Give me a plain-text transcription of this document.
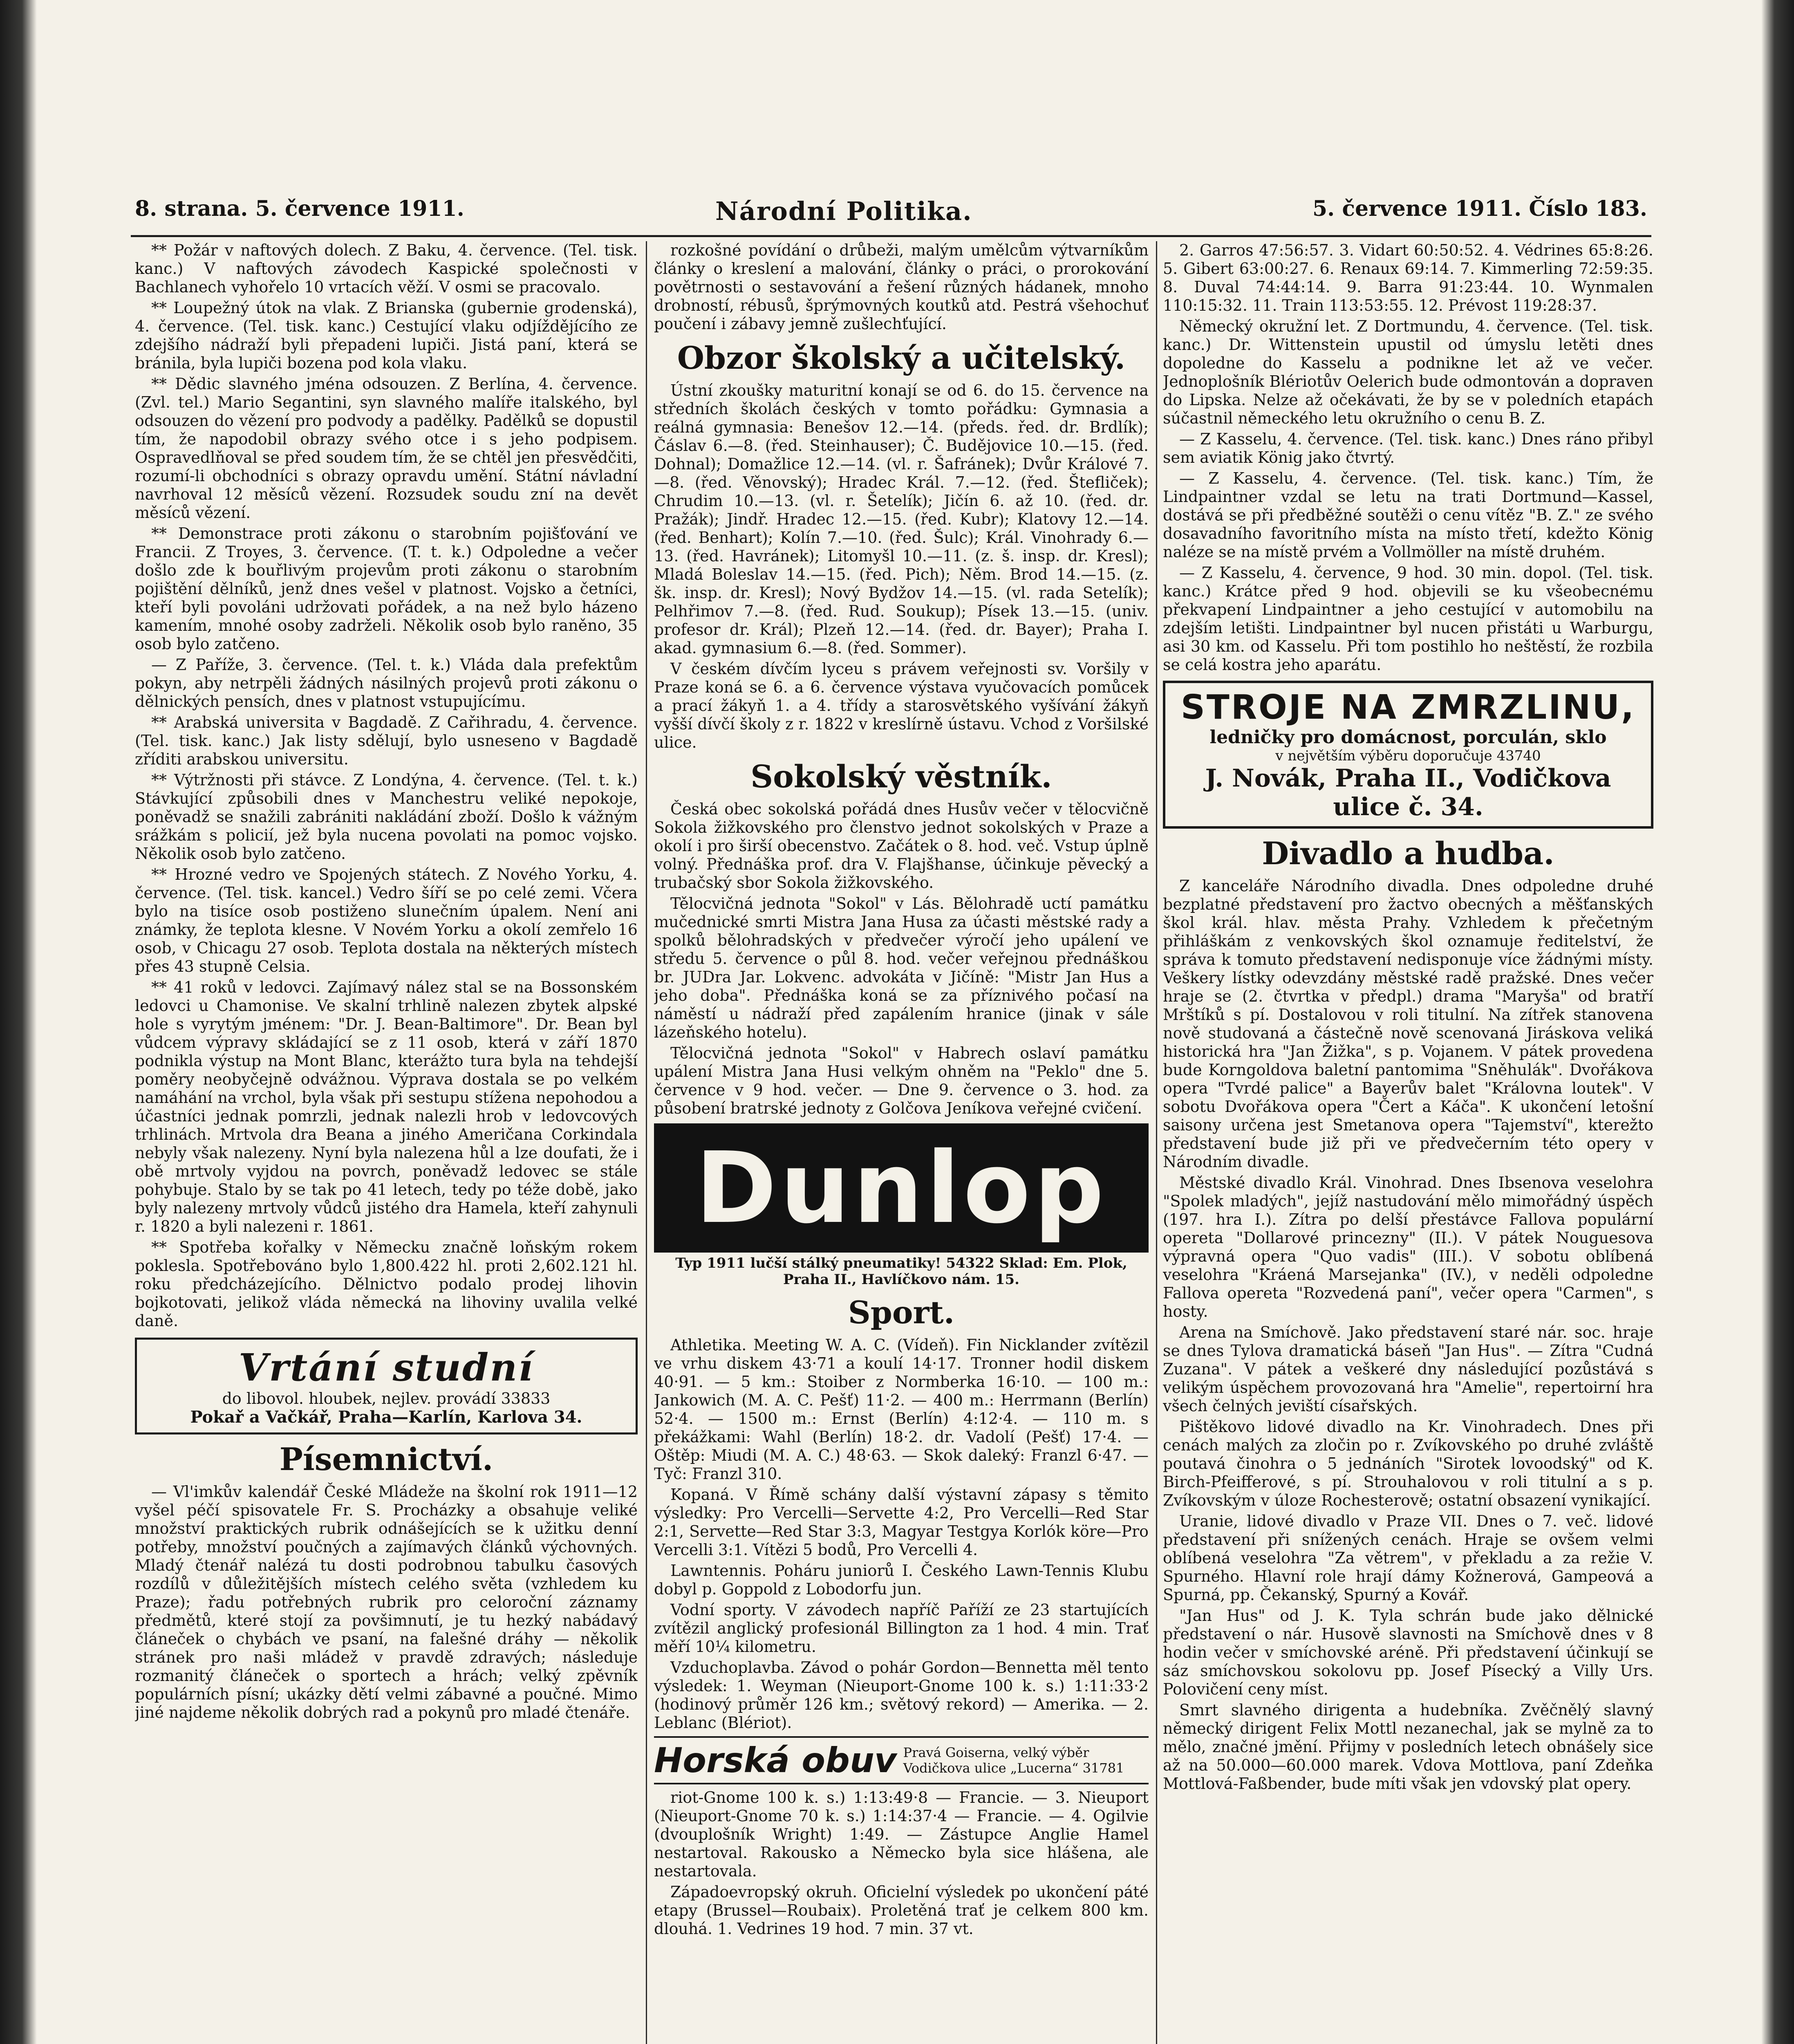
8. strana. 5. července 1911.	Národní Politika.	5. července 1911. Číslo 183.

** Požár v naftových dolech. Z Baku, 4. července. (Tel. tisk. kanc.) V naftových závodech Kaspické společnosti v Bachlanech vyhořelo 10 vrtacích věží. V osmi se pracovalo.

** Loupežný útok na vlak. Z Brianska (gubernie grodenská), 4. července. (Tel. tisk. kanc.) Cestující vlaku odjíždějícího ze zdejšího nádraží byli přepadeni lupiči. Jistá paní, která se bránila, byla lupiči bozena pod kola vlaku.

** Dědic slavného jména odsouzen. Z Berlína, 4. července. (Zvl. tel.) Mario Segantini, syn slavného malíře italského, byl odsouzen do vězení pro podvody a padělky. Padělků se dopustil tím, že napodobil obrazy svého otce i s jeho podpisem. Ospravedlňoval se před soudem tím, že se chtěl jen přesvědčiti, rozumí-li obchodníci s obrazy opravdu umění. Státní návladní navrhoval 12 měsíců vězení. Rozsudek soudu zní na devět měsíců vězení.

** Demonstrace proti zákonu o starobním pojišťování ve Francii. Z Troyes, 3. července. (T. t. k.) Odpoledne a večer došlo zde k bouřlivým projevům proti zákonu o starobním pojištění dělníků, jenž dnes vešel v platnost. Vojsko a četníci, kteří byli povoláni udržovati pořádek, a na než bylo házeno kamením, mnohé osoby zadrželi. Několik osob bylo raněno, 35 osob bylo zatčeno.

— Z Paříže, 3. července. (Tel. t. k.) Vláda dala prefektům pokyn, aby netrpěli žádných násilných projevů proti zákonu o dělnických pensích, dnes v platnost vstupujícímu.

** Arabská universita v Bagdadě. Z Cařihradu, 4. července. (Tel. tisk. kanc.) Jak listy sdělují, bylo usneseno v Bagdadě zříditi arabskou universitu.

** Výtržnosti při stávce. Z Londýna, 4. července. (Tel. t. k.) Stávkující způsobili dnes v Manchestru veliké nepokoje, poněvadž se snažili zabrániti nakládání zboží. Došlo k vážným srážkám s policií, jež byla nucena povolati na pomoc vojsko. Několik osob bylo zatčeno.

** Hrozné vedro ve Spojených státech. Z Nového Yorku, 4. července. (Tel. tisk. kancel.) Vedro šíří se po celé zemi. Včera bylo na tisíce osob postiženo slunečním úpalem. Není ani známky, že teplota klesne. V Novém Yorku a okolí zemřelo 16 osob, v Chicagu 27 osob. Teplota dostala na některých místech přes 43 stupně Celsia.

** 41 roků v ledovci. Zajímavý nález stal se na Bossonském ledovci u Chamonise. Ve skalní trhlině nalezen zbytek alpské hole s vyrytým jménem: "Dr. J. Bean-Baltimore". Dr. Bean byl vůdcem výpravy skládající se z 11 osob, která v září 1870 podnikla výstup na Mont Blanc, kterážto tura byla na tehdejší poměry neobyčejně odvážnou. Výprava dostala se po velkém namáhání na vrchol, byla však při sestupu stížena nepohodou a účastníci jednak pomrzli, jednak nalezli hrob v ledovcových trhlinách. Mrtvola dra Beana a jiného Američana Corkindala nebyly však nalezeny. Nyní byla nalezena hůl a lze doufati, že i obě mrtvoly vyjdou na povrch, poněvadž ledovec se stále pohybuje. Stalo by se tak po 41 letech, tedy po téže době, jako byly nalezeny mrtvoly vůdců jistého dra Hamela, kteří zahynuli r. 1820 a byli nalezeni r. 1861.

** Spotřeba kořalky v Německu značně loňským rokem poklesla. Spotřebováno bylo 1,800.422 hl. proti 2,602.121 hl. roku předcházejícího. Dělnictvo podalo prodej lihovin bojkotovati, jelikož vláda německá na lihoviny uvalila velké daně.

Vrtání studní
do libovol. hloubek, nejlev. provádí 33833
Pokař a Vačkář, Praha—Karlín, Karlova 34.
Písemnictví.

— Vl'imkův kalendář České Mládeže na školní rok 1911—12 vyšel péčí spisovatele Fr. S. Procházky a obsahuje veliké množství praktických rubrik odnášejících se k užitku denní potřeby, množství poučných a zajímavých článků výchovných. Mladý čtenář nalézá tu dosti podrobnou tabulku časových rozdílů v důležitějších místech celého světa (vzhledem ku Praze); řadu potřebných rubrik pro celoroční záznamy předmětů, které stojí za povšimnutí, je tu hezký nabádavý článeček o chybách ve psaní, na falešné dráhy — několik stránek pro naši mládež v pravdě zdravých; následuje rozmanitý článeček o sportech a hrách; velký zpěvník populárních písní; ukázky dětí velmi zábavné a poučné. Mimo jiné najdeme několik dobrých rad a pokynů pro mladé čtenáře.

rozkošné povídání o drůbeži, malým umělcům výtvarníkům články o kreslení a malování, články o práci, o prorokování povětrnosti o sestavování a řešení různých hádanek, mnoho drobností, rébusů, šprýmovných koutků atd. Pestrá všehochuť poučení i zábavy jemně zušlechťující.

Obzor školský a učitelský.

Ústní zkoušky maturitní konají se od 6. do 15. července na středních školách českých v tomto pořádku: Gymnasia a reálná gymnasia: Benešov 12.—14. (předs. řed. dr. Brdlík); Čáslav 6.—8. (řed. Steinhauser); Č. Budějovice 10.—15. (řed. Dohnal); Domažlice 12.—14. (vl. r. Šafránek); Dvůr Králové 7.—8. (řed. Věnovský); Hradec Král. 7.—12. (řed. Štefliček); Chrudim 10.—13. (vl. r. Šetelík); Jičín 6. až 10. (řed. dr. Pražák); Jindř. Hradec 12.—15. (řed. Kubr); Klatovy 12.—14. (řed. Benhart); Kolín 7.—10. (řed. Šulc); Král. Vinohrady 6.—13. (řed. Havránek); Litomyšl 10.—11. (z. š. insp. dr. Kresl); Mladá Boleslav 14.—15. (řed. Pich); Něm. Brod 14.—15. (z. šk. insp. dr. Kresl); Nový Bydžov 14.—15. (vl. rada Setelík); Pelhřimov 7.—8. (řed. Rud. Soukup); Písek 13.—15. (univ. profesor dr. Král); Plzeň 12.—14. (řed. dr. Bayer); Praha I. akad. gymnasium 6.—8. (řed. Sommer).

V českém dívčím lyceu s právem veřejnosti sv. Voršily v Praze koná se 6. a 6. července výstava vyučovacích pomůcek a prací žákyň 1. a 4. třídy a starosvětského vyšívání žákyň vyšší dívčí školy z r. 1822 v kreslírně ústavu. Vchod z Voršilské ulice.

Sokolský věstník.

Česká obec sokolská pořádá dnes Husův večer v tělocvičně Sokola žižkovského pro členstvo jednot sokolských v Praze a okolí i pro širší obecenstvo. Začátek o 8. hod. več. Vstup úplně volný. Přednáška prof. dra V. Flajšhanse, účinkuje pěvecký a trubačský sbor Sokola žižkovského.

Tělocvičná jednota "Sokol" v Lás. Bělohradě uctí památku mučednické smrti Mistra Jana Husa za účasti městské rady a spolků bělohradských v předvečer výročí jeho upálení ve středu 5. července o půl 8. hod. večer veřejnou přednáškou br. JUDra Jar. Lokvenc. advokáta v Jičíně: "Mistr Jan Hus a jeho doba". Přednáška koná se za příznivého počasí na náměstí u nádraží před zapálením hranice (jinak v sále lázeňského hotelu).

Tělocvičná jednota "Sokol" v Habrech oslaví památku upálení Mistra Jana Husi velkým ohněm na "Peklo" dne 5. července v 9 hod. večer. — Dne 9. července o 3. hod. za působení bratrské jednoty z Golčova Jeníkova veřejné cvičení.

Dunlop
Typ 1911 lučší stálký pneumatiky! 54322 Sklad: Em. Plok, Praha II., Havlíčkovo nám. 15.
Sport.

Athletika. Meeting W. A. C. (Vídeň). Fin Nicklander zvítězil ve vrhu diskem 43·71 a koulí 14·17. Tronner hodil diskem 40·91. — 5 km.: Stoiber z Normberka 16·10. — 100 m.: Jankowich (M. A. C. Pešť) 11·2. — 400 m.: Herrmann (Berlín) 52·4. — 1500 m.: Ernst (Berlín) 4:12·4. — 110 m. s překážkami: Wahl (Berlín) 18·2. dr. Vadolí (Pešť) 17·4. — Oštěp: Miudi (M. A. C.) 48·63. — Skok daleký: Franzl 6·47. — Tyč: Franzl 310.

Kopaná. V Římě schány další výstavní zápasy s těmito výsledky: Pro Vercelli—Servette 4:2, Pro Vercelli—Red Star 2:1, Servette—Red Star 3:3, Magyar Testgya Korlók köre—Pro Vercelli 3:1. Vítězi 5 bodů, Pro Vercelli 4.

Lawntennis. Poháru juniorů I. Českého Lawn-Tennis Klubu dobyl p. Goppold z Lobodorfu jun.

Vodní sporty. V závodech napříč Paříží ze 23 startujících zvítězil anglický profesionál Billington za 1 hod. 4 min. Trať měří 10¼ kilometru.

Vzduchoplavba. Závod o pohár Gordon—Bennetta měl tento výsledek: 1. Weyman (Nieuport-Gnome 100 k. s.) 1:11:33·2 (hodinový průměr 126 km.; světový rekord) — Amerika. — 2. Leblanc (Blériot).

Horská obuv Pravá Goiserna, velký výběr
Vodičkova ulice „Lucerna“ 31781

riot-Gnome 100 k. s.) 1:13:49·8 — Francie. — 3. Nieuport (Nieuport-Gnome 70 k. s.) 1:14:37·4 — Francie. — 4. Ogilvie (dvouplošník Wright) 1:49. — Zástupce Anglie Hamel nestartoval. Rakousko a Německo byla sice hlášena, ale nestartovala.

Západoevropský okruh. Oficielní výsledek po ukončení páté etapy (Brussel—Roubaix). Proletěná trať je celkem 800 km. dlouhá. 1. Vedrines 19 hod. 7 min. 37 vt.

2. Garros 47:56:57. 3. Vidart 60:50:52. 4. Védrines 65:8:26. 5. Gibert 63:00:27. 6. Renaux 69:14. 7. Kimmerling 72:59:35. 8. Duval 74:44:14. 9. Barra 91:23:44. 10. Wynmalen 110:15:32. 11. Train 113:53:55. 12. Prévost 119:28:37.

Německý okružní let. Z Dortmundu, 4. července. (Tel. tisk. kanc.) Dr. Wittenstein upustil od úmyslu letěti dnes dopoledne do Kasselu a podnikne let až ve večer. Jednoplošník Blériotův Oelerich bude odmontován a dopraven do Lipska. Nelze až očekávati, že by se v poledních etapách súčastnil německého letu okružního o cenu B. Z.

— Z Kasselu, 4. července. (Tel. tisk. kanc.) Dnes ráno přibyl sem aviatik König jako čtvrtý.

— Z Kasselu, 4. července. (Tel. tisk. kanc.) Tím, že Lindpaintner vzdal se letu na trati Dortmund—Kassel, dostává se při předběžné soutěži o cenu vítěz "B. Z." ze svého dosavadního favoritního místa na místo třetí, kdežto König naléze se na místě prvém a Vollmöller na místě druhém.

— Z Kasselu, 4. července, 9 hod. 30 min. dopol. (Tel. tisk. kanc.) Krátce před 9 hod. objevili se ku všeobecnému překvapení Lindpaintner a jeho cestující v automobilu na zdejším letišti. Lindpaintner byl nucen přistáti u Warburgu, asi 30 km. od Kasselu. Při tom postihlo ho neštěstí, že rozbila se celá kostra jeho aparátu.

STROJE NA ZMRZLINU,
ledničky pro domácnost, porculán, sklo
v největším výběru doporučuje 43740
J. Novák, Praha II., Vodičkova ulice č. 34.
Divadlo a hudba.

Z kanceláře Národního divadla. Dnes odpoledne druhé bezplatné představení pro žactvo obecných a měšťanských škol král. hlav. města Prahy. Vzhledem k přečetným přihláškám z venkovských škol oznamuje ředitelství, že správa k tomuto představení nedisponuje více žádnými místy. Veškery lístky odevzdány městské radě pražské. Dnes večer hraje se (2. čtvrtka v předpl.) drama "Maryša" od bratří Mrštíků s pí. Dostalovou v roli titulní. Na zítřek stanovena nově studovaná a částečně nově scenovaná Jiráskova veliká historická hra "Jan Žižka", s p. Vojanem. V pátek provedena bude Korngoldova baletní pantomima "Sněhulák". Dvořákova opera "Tvrdé palice" a Bayerův balet "Královna loutek". V sobotu Dvořákova opera "Čert a Káča". K ukončení letošní saisony určena jest Smetanova opera "Tajemství", kterežto představení bude již při ve předvečerním této opery v Národním divadle.

Městské divadlo Král. Vinohrad. Dnes Ibsenova veselohra "Spolek mladých", jejíž nastudování mělo mimořádný úspěch (197. hra I.). Zítra po delší přestávce Fallova populární opereta "Dollarové princezny" (II.). V pátek Nouguesova výpravná opera "Quo vadis" (III.). V sobotu oblíbená veselohra "Kráená Marsejanka" (IV.), v neděli odpoledne Fallova opereta "Rozvedená paní", večer opera "Carmen", s hosty.

Arena na Smíchově. Jako představení staré nár. soc. hraje se dnes Tylova dramatická báseň "Jan Hus". — Zítra "Cudná Zuzana". V pátek a veškeré dny následující pozůstává s velikým úspěchem provozovaná hra "Amelie", repertoirní hra všech čelných jeviští císařských.

Pištěkovo lidové divadlo na Kr. Vinohradech. Dnes při cenách malých za zločin po r. Zvíkovského po druhé zvláště poutavá činohra o 5 jednáních "Sirotek lovoodský" od K. Birch-Pfeifferové, s pí. Strouhalovou v roli titulní a s p. Zvíkovským v úloze Rochesterově; ostatní obsazení vynikající.

Uranie, lidové divadlo v Praze VII. Dnes o 7. več. lidové představení při snížených cenách. Hraje se ovšem velmi oblíbená veselohra "Za větrem", v překladu a za režie V. Spurného. Hlavní role hrají dámy Kožnerová, Gampeová a Spurná, pp. Čekanský, Spurný a Kovář.

"Jan Hus" od J. K. Tyla schrán bude jako dělnické představení o nár. Husově slavnosti na Smíchově dnes v 8 hodin večer v smíchovské aréně. Při představení účinkují se sáz smíchovskou sokolovu pp. Josef Písecký a Villy Urs. Polovičení ceny míst.

Smrt slavného dirigenta a hudebníka. Zvěčnělý slavný německý dirigent Felix Mottl nezanechal, jak se mylně za to mělo, značné jmění. Přijmy v posledních letech obnášely sice až na 50.000—60.000 marek. Vdova Mottlova, paní Zdeňka Mottlová-Faßbender, bude míti však jen vdovský plat opery.
